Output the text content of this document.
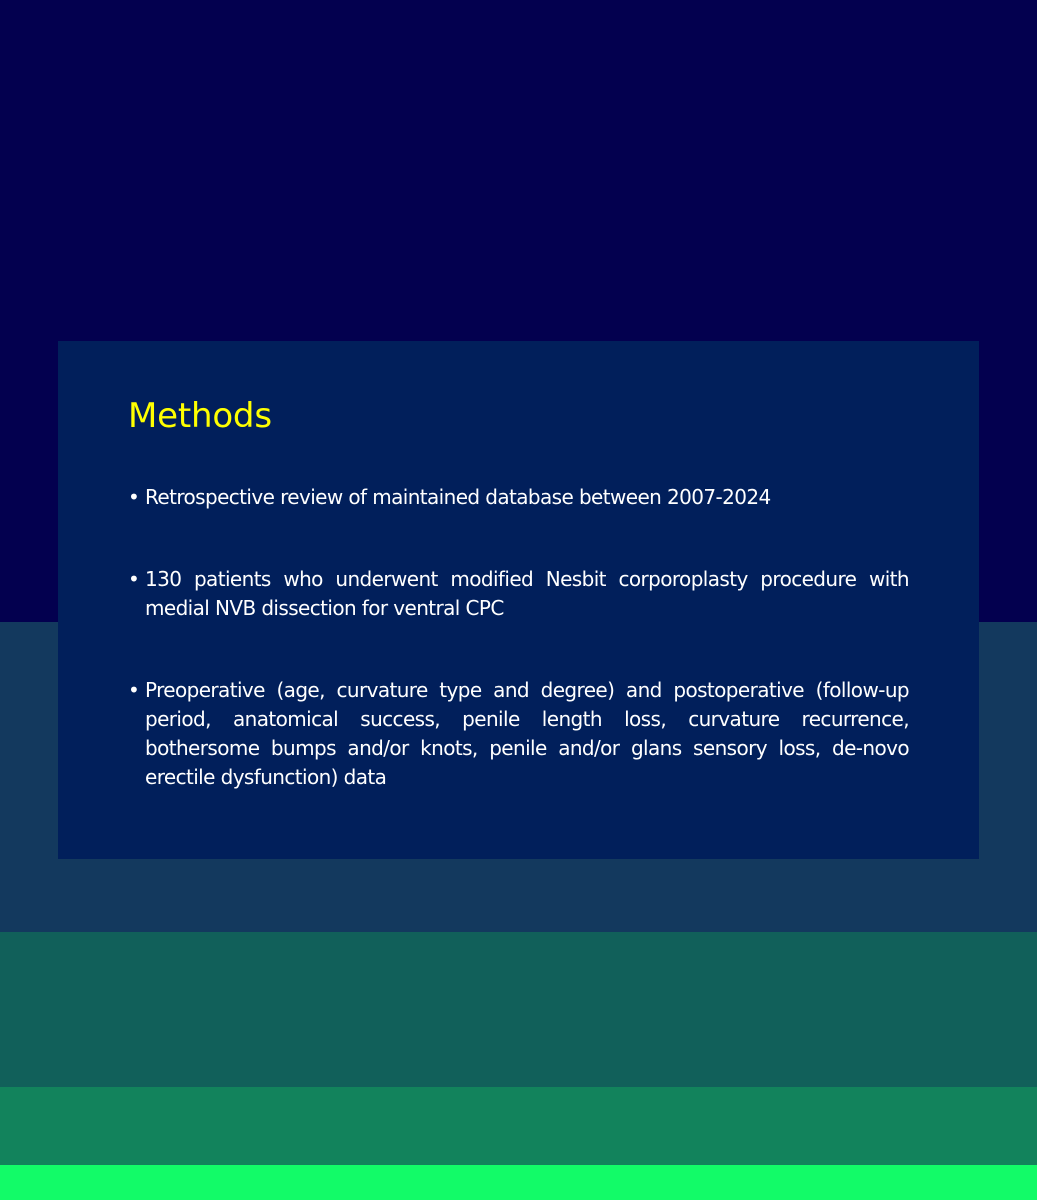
Methods
• Retrospective review of maintained database between 2007-2024
• 130 patients who underwent modified Nesbit corporoplasty procedure with medial NVB dissection for ventral CPC
• Preoperative (age, curvature type and degree) and postoperative (follow-up period, anatomical success, penile length loss, curvature recurrence, bothersome bumps and/or knots, penile and/or glans sensory loss, de-novo erectile dysfunction) data
